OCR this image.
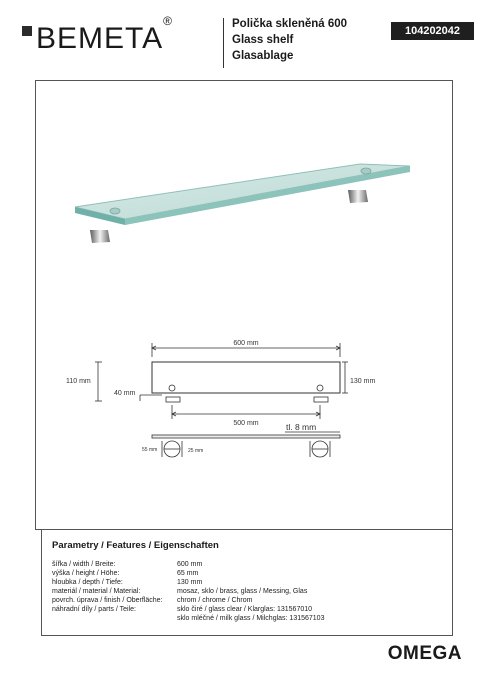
BEMETA®	Polička skleněná 600
Glass shelf
Glasablage
104202042
600 mm
110 mm
40 mm
130 mm
500 mm	tl. 8 mm
55 mm	25 mm
Parametry / Features / Eigenschaften
šířka / width / Breite:	600 mm
výška / height / Höhe:	65 mm
hloubka / depth / Tiefe:	130 mm
materiál / material / Material:	mosaz, sklo / brass, glass / Messing, Glas
povrch. úprava / finish / Oberfläche:	chrom / chrome / Chrom
náhradní díly / parts / Teile:	sklo čiré / glass clear / Klarglas: 131567010
sklo mléčné / milk glass / Milchglas: 131567103
OMEGA
